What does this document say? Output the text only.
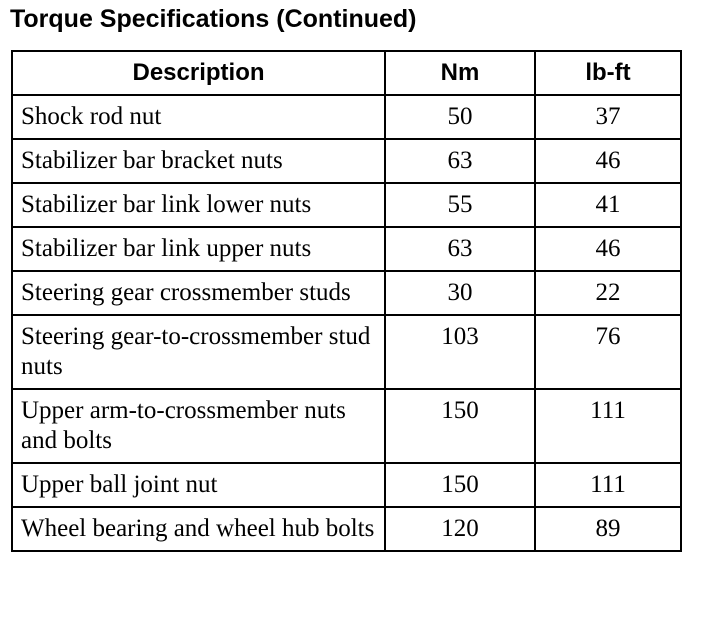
Torque Specifications (Continued)
Description	Nm	lb-ft
Shock rod nut	50	37
Stabilizer bar bracket nuts	63	46
Stabilizer bar link lower nuts	55	41
Stabilizer bar link upper nuts	63	46
Steering gear crossmember studs	30	22
Steering gear-to-crossmember stud nuts	103	76
Upper arm-to-crossmember nuts and bolts	150	111
Upper ball joint nut	150	111
Wheel bearing and wheel hub bolts	120	89
